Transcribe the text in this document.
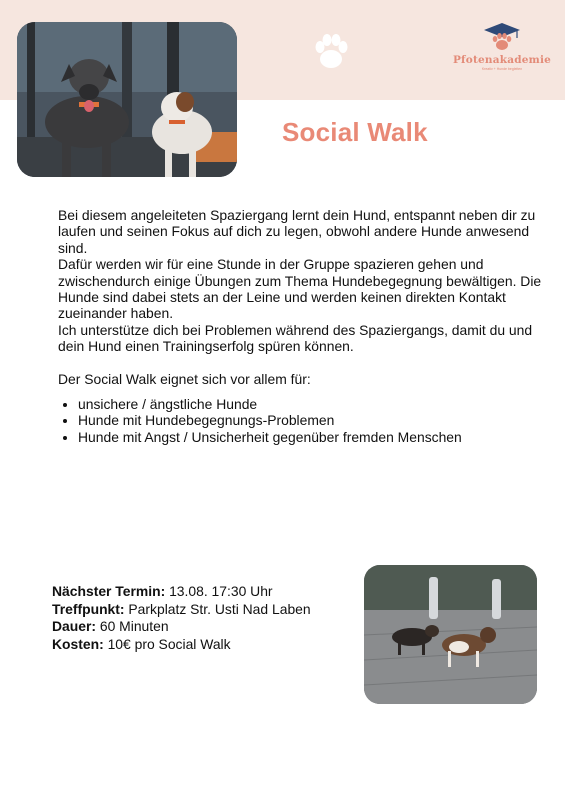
Pfotenakademie
Kreativ + Hunde begleiten
Social Walk

Bei diesem angeleiteten Spaziergang lernt dein Hund, entspannt neben dir zu laufen und seinen Fokus auf dich zu legen, obwohl andere Hunde anwesend sind.

Dafür werden wir für eine Stunde in der Gruppe spazieren gehen und zwischendurch einige Übungen zum Thema Hundebegegnung bewältigen. Die Hunde sind dabei stets an der Leine und werden keinen direkten Kontakt zueinander haben.

Ich unterstütze dich bei Problemen während des Spaziergangs, damit du und dein Hund einen Trainingserfolg spüren können.

Der Social Walk eignet sich vor allem für:

• unsichere / ängstliche Hunde
• Hunde mit Hundebegegnungs-Problemen
• Hunde mit Angst / Unsicherheit gegenüber fremden Menschen

Nächster Termin: 13.08. 17:30 Uhr

Treffpunkt: Parkplatz Str. Usti Nad Laben

Dauer: 60 Minuten

Kosten: 10€ pro Social Walk
